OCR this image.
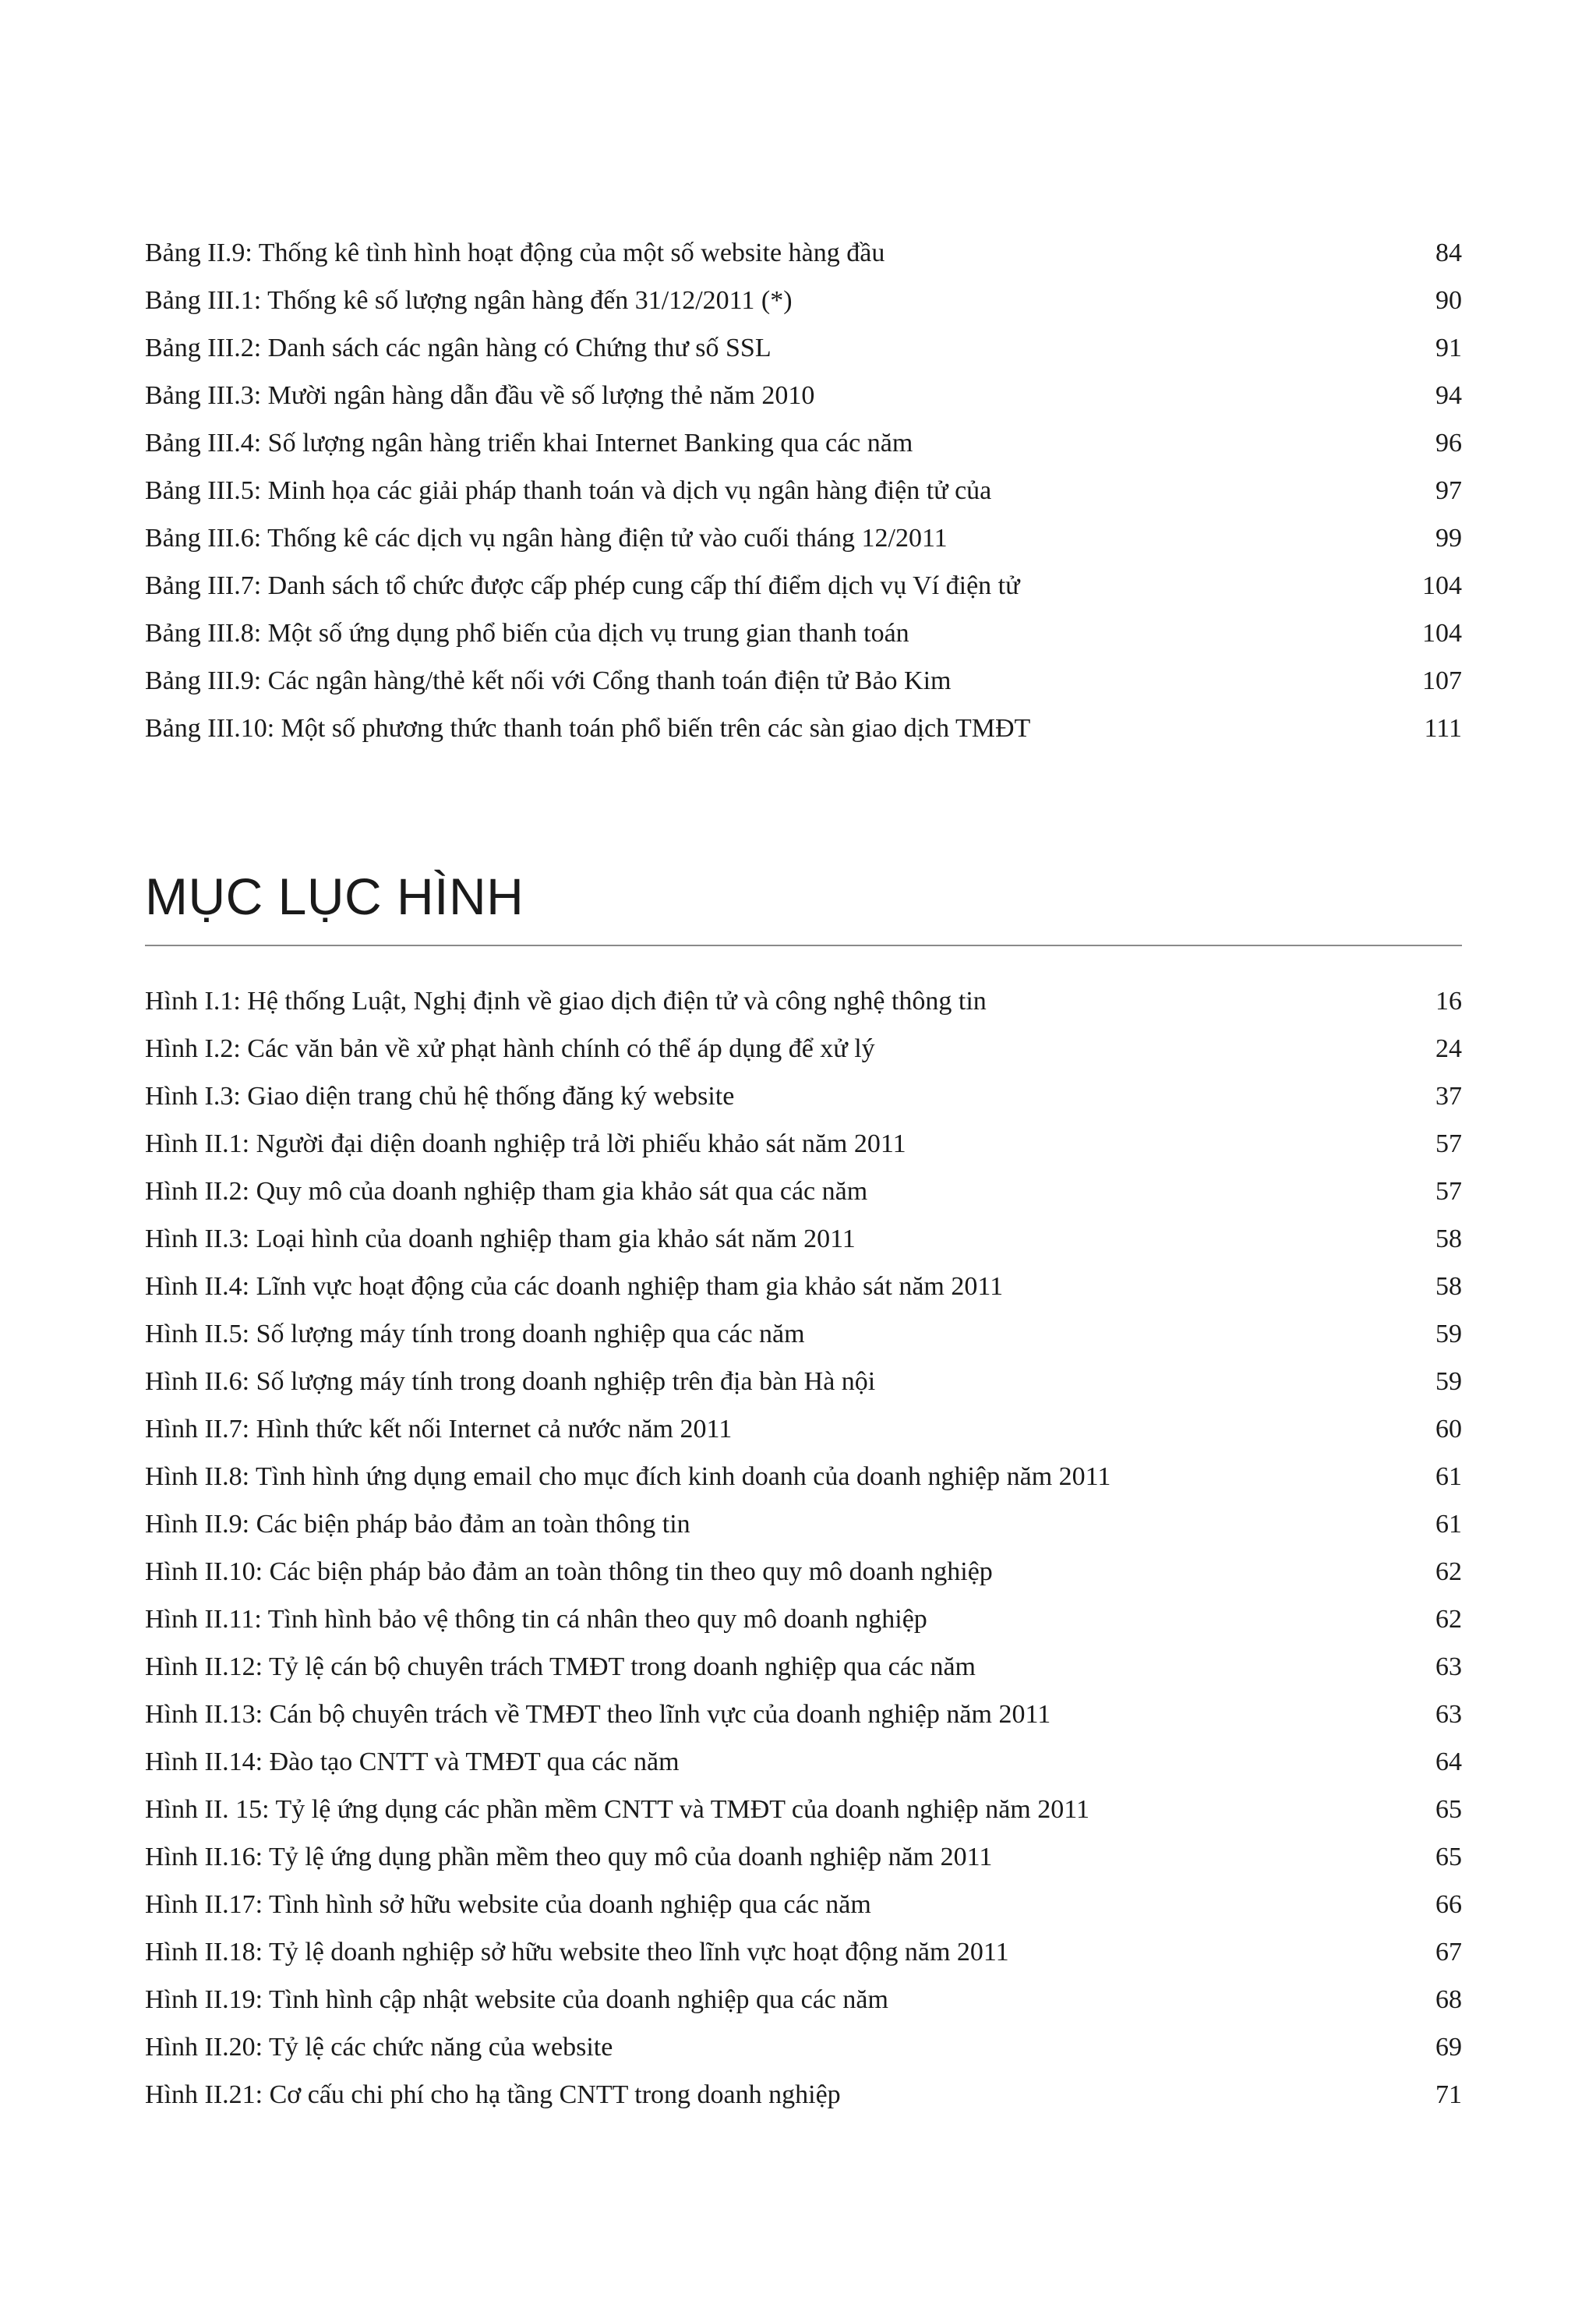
Bảng II.9: Thống kê tình hình hoạt động của một số website hàng đầu	84
Bảng III.1: Thống kê số lượng ngân hàng đến 31/12/2011 (*)	90
Bảng III.2: Danh sách các ngân hàng có Chứng thư số SSL	91
Bảng III.3: Mười ngân hàng dẫn đầu về số lượng thẻ năm 2010	94
Bảng III.4: Số lượng ngân hàng triển khai Internet Banking qua các năm	96
Bảng III.5: Minh họa các giải pháp thanh toán và dịch vụ ngân hàng điện tử của	97
Bảng III.6: Thống kê các dịch vụ ngân hàng điện tử vào cuối tháng 12/2011	99
Bảng III.7: Danh sách tổ chức được cấp phép cung cấp thí điểm dịch vụ Ví điện tử	104
Bảng III.8: Một số ứng dụng phổ biến của dịch vụ trung gian thanh toán	104
Bảng III.9: Các ngân hàng/thẻ kết nối với Cổng thanh toán điện tử Bảo Kim	107
Bảng III.10: Một số phương thức thanh toán phổ biến trên các sàn giao dịch TMĐT	111
MỤC LỤC HÌNH
Hình I.1: Hệ thống Luật, Nghị định về giao dịch điện tử và công nghệ thông tin	16
Hình I.2: Các văn bản về xử phạt hành chính có thể áp dụng để xử lý	24
Hình I.3: Giao diện trang chủ hệ thống đăng ký website	37
Hình II.1: Người đại diện doanh nghiệp trả lời phiếu khảo sát năm 2011	57
Hình II.2: Quy mô của doanh nghiệp tham gia khảo sát qua các năm	57
Hình II.3: Loại hình của doanh nghiệp tham gia khảo sát năm 2011	58
Hình II.4: Lĩnh vực hoạt động của các doanh nghiệp tham gia khảo sát năm 2011	58
Hình II.5: Số lượng máy tính trong doanh nghiệp qua các năm	59
Hình II.6: Số lượng máy tính trong doanh nghiệp trên địa bàn Hà nội	59
Hình II.7: Hình thức kết nối Internet cả nước năm 2011	60
Hình II.8: Tình hình ứng dụng email cho mục đích kinh doanh của doanh nghiệp năm 2011	61
Hình II.9: Các biện pháp bảo đảm an toàn thông tin	61
Hình II.10: Các biện pháp bảo đảm an toàn thông tin theo quy mô doanh nghiệp	62
Hình II.11: Tình hình bảo vệ thông tin cá nhân theo quy mô doanh nghiệp	62
Hình II.12: Tỷ lệ cán bộ chuyên trách TMĐT trong doanh nghiệp qua các năm	63
Hình II.13: Cán bộ chuyên trách về TMĐT theo lĩnh vực của doanh nghiệp năm 2011	63
Hình II.14: Đào tạo CNTT và TMĐT qua các năm	64
Hình II. 15: Tỷ lệ ứng dụng các phần mềm CNTT và TMĐT của doanh nghiệp năm 2011	65
Hình II.16: Tỷ lệ ứng dụng phần mềm theo quy mô của doanh nghiệp năm 2011	65
Hình II.17: Tình hình sở hữu website của doanh nghiệp qua các năm	66
Hình II.18: Tỷ lệ doanh nghiệp sở hữu website theo lĩnh vực hoạt động năm 2011	67
Hình II.19: Tình hình cập nhật website của doanh nghiệp qua các năm	68
Hình II.20: Tỷ lệ các chức năng của website	69
Hình II.21: Cơ cấu chi phí cho hạ tầng CNTT trong doanh nghiệp	71
